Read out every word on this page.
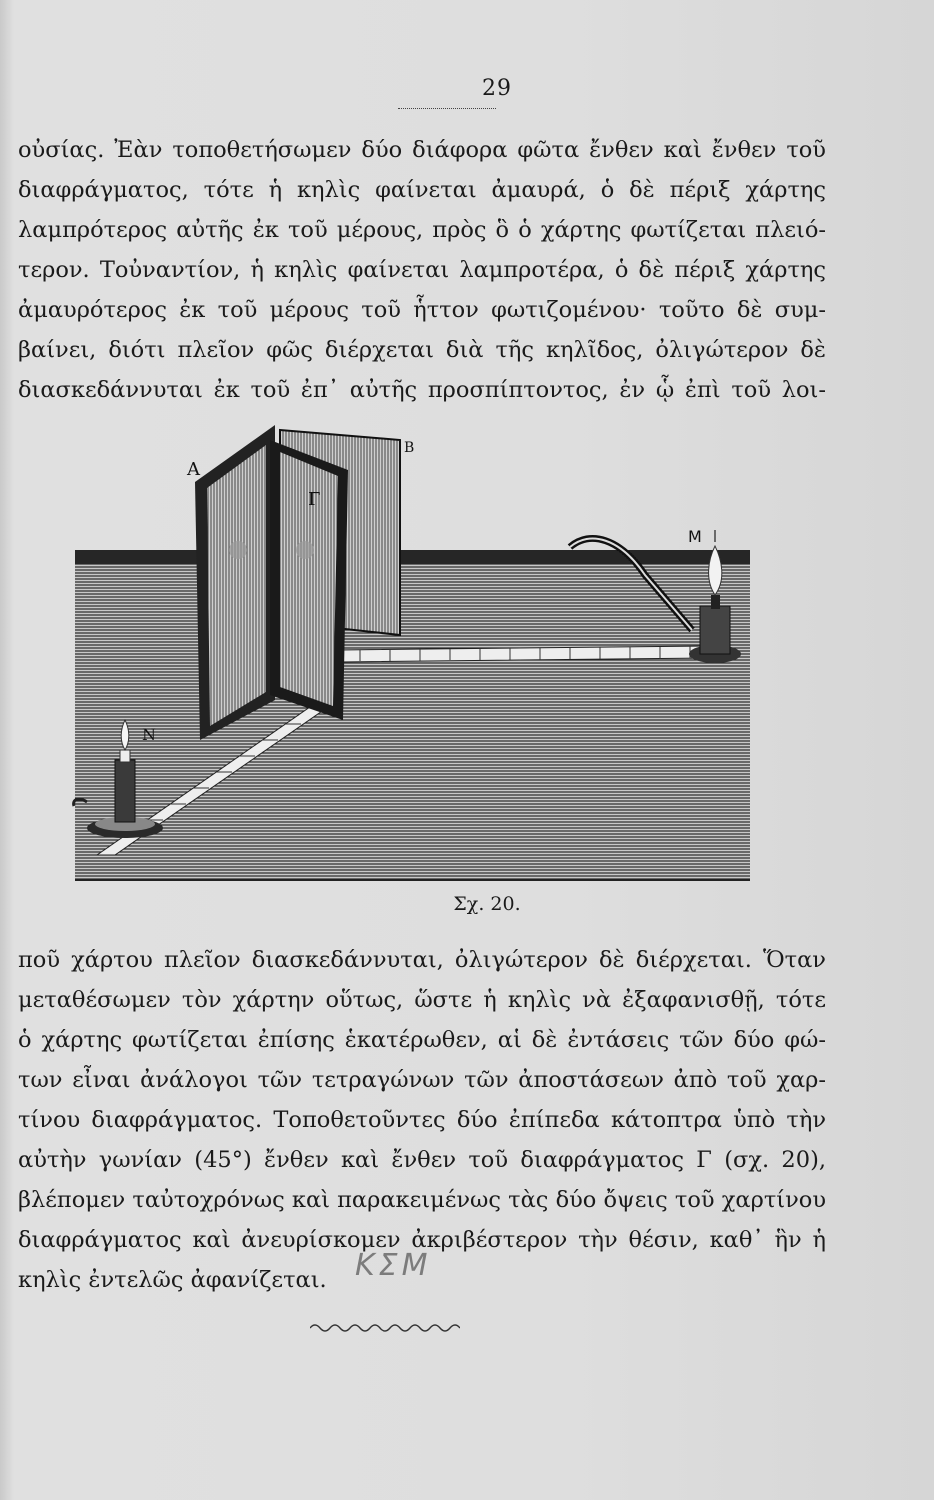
29
οὐσίας. Ἐὰν τοποθετήσωμεν δύο διάφορα φῶτα ἔνθεν καὶ ἔνθεν τοῦ
διαφράγματος, τότε ἡ κηλὶς φαίνεται ἀμαυρά, ὁ δὲ πέριξ χάρτης
λαμπρότερος αὐτῆς ἐκ τοῦ μέρους, πρὸς ὃ ὁ χάρτης φωτίζεται πλειό-
τερον. Τοὐναντίον, ἡ κηλὶς φαίνεται λαμπροτέρα, ὁ δὲ πέριξ χάρτης
ἀμαυρότερος ἐκ τοῦ μέρους τοῦ ἧττον φωτιζομένου· τοῦτο δὲ συμ-
βαίνει, διότι πλεῖον φῶς διέρχεται διὰ τῆς κηλῖδος, ὀλιγώτερον δὲ
διασκεδάννυται ἐκ τοῦ ἐπ᾿ αὐτῆς προσπίπτοντος, ἐν ᾧ ἐπὶ τοῦ λοι-
Α
Β
Γ
Μ
Ν
Σχ. 20.
ποῦ χάρτου πλεῖον διασκεδάννυται, ὀλιγώτερον δὲ διέρχεται. Ὅταν
μεταθέσωμεν τὸν χάρτην οὕτως, ὥστε ἡ κηλὶς νὰ ἐξαφανισθῇ, τότε
ὁ χάρτης φωτίζεται ἐπίσης ἑκατέρωθεν, αἱ δὲ ἐντάσεις τῶν δύο φώ-
των εἶναι ἀνάλογοι τῶν τετραγώνων τῶν ἀποστάσεων ἀπὸ τοῦ χαρ-
τίνου διαφράγματος. Τοποθετοῦντες δύο ἐπίπεδα κάτοπτρα ὑπὸ τὴν
αὐτὴν γωνίαν (45°) ἔνθεν καὶ ἔνθεν τοῦ διαφράγματος Γ (σχ. 20),
βλέπομεν ταὐτοχρόνως καὶ παρακειμένως τὰς δύο ὄψεις τοῦ χαρτίνου
διαφράγματος καὶ ἀνευρίσκομεν ἀκριβέστερον τὴν θέσιν, καθ᾿ ἣν ἡ
κηλὶς ἐντελῶς ἀφανίζεται. ΚΣΜ
